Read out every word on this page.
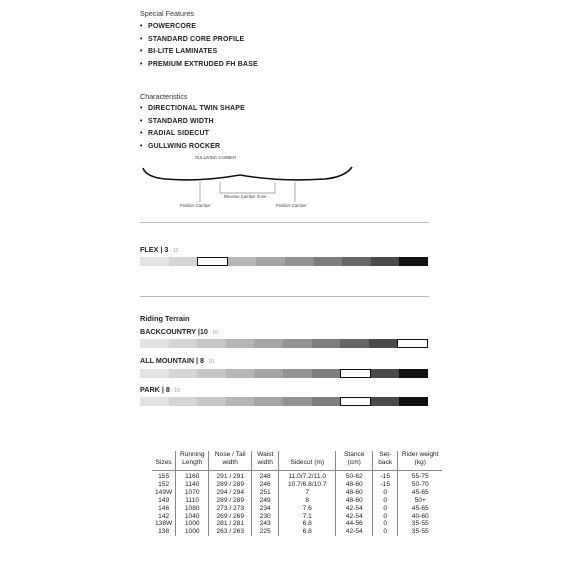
Special Features
• POWERCORE
• STANDARD CORE PROFILE
• BI-LITE LAMINATES
• PREMIUM EXTRUDED FH BASE
Characteristics
• DIRECTIONAL TWIN SHAPE
• STANDARD WIDTH
• RADIAL SIDECUT
• GULLWING ROCKER
GULLWING CAMBER
Reverse Camber Zone
Positive Camber	Positive Camber
FLEX | 3 - 10
Riding Terrain
BACKCOUNTRY |10 - 10
ALL MOUNTAIN | 8 - 10
PARK | 8 - 10
Sizes	Running Length	Nose / Tail width	Waist width	Sidecut (m)	Stance (cm)	Set-back	Rider weight (kg)
155	1160	291 / 291	248	11.0/7.2/11.0	50-62	-15	55-75
152	1140	289 / 289	246	10.7/6.8/10.7	48-60	-15	50-70
149W	1070	294 / 294	251	7	48-60	0	45-65
149	1110	289 / 289	249	8	48-60	0	50+
146	1080	273 / 273	234	7.6	42-54	0	45-65
142	1040	269 / 269	230	7.1	42-54	0	40-60
138W	1000	281 / 281	243	6.8	44-56	0	35-55
138	1000	263 / 263	225	6.8	42-54	0	35-55
